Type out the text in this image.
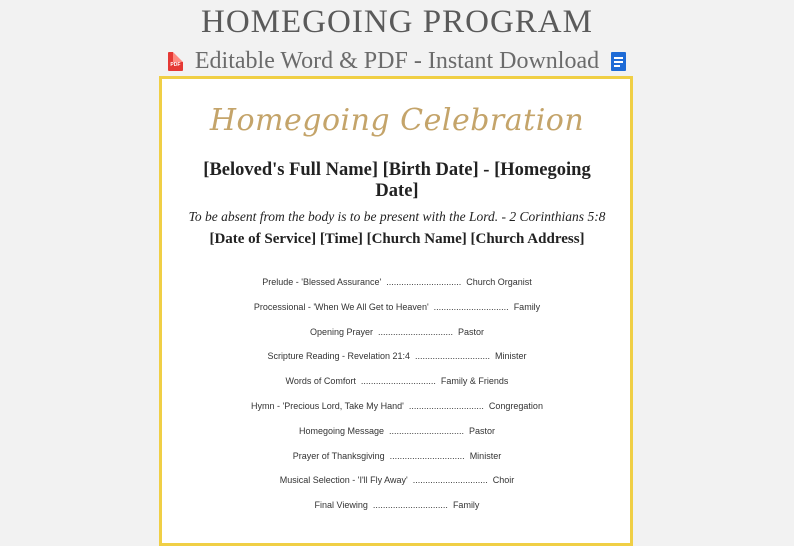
HOMEGOING PROGRAM
PDF Editable Word & PDF - Instant Download
Homegoing Celebration
[Beloved's Full Name] [Birth Date] - [Homegoing Date]
To be absent from the body is to be present with the Lord. - 2 Corinthians 5:8
[Date of Service] [Time] [Church Name] [Church Address]
Prelude - 'Blessed Assurance' .............................. Church Organist
Processional - 'When We All Get to Heaven' .............................. Family
Opening Prayer .............................. Pastor
Scripture Reading - Revelation 21:4 .............................. Minister
Words of Comfort .............................. Family & Friends
Hymn - 'Precious Lord, Take My Hand' .............................. Congregation
Homegoing Message .............................. Pastor
Prayer of Thanksgiving .............................. Minister
Musical Selection - 'I'll Fly Away' .............................. Choir
Final Viewing .............................. Family
